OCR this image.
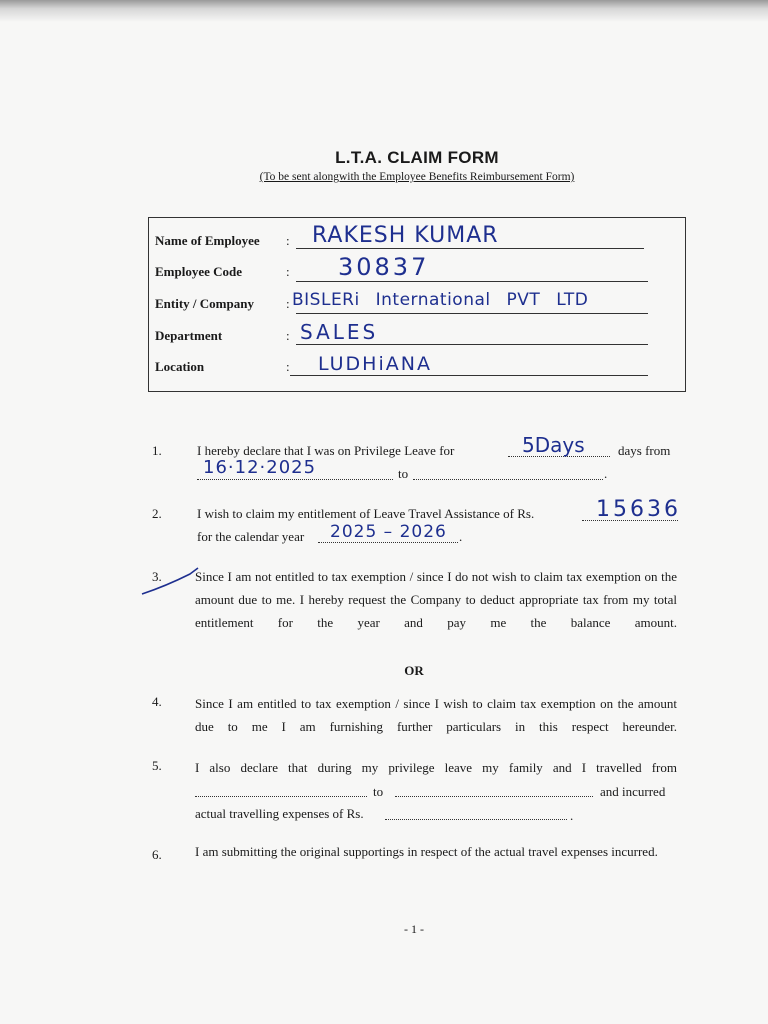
L.T.A. CLAIM FORM
(To be sent alongwith the Employee Benefits Reimbursement Form)
Name of Employee : RAKESH KUMAR
Employee Code	: 30837
Entity / Company : BISLERi International PVT LTD
Department	: SALES
Location	: LUDHiANA
1.	I hereby declare that I was on Privilege Leave for	5Days	days from
16·12·2025	to	.
2.	I wish to claim my entitlement of Leave Travel Assistance of Rs.	15636
for the calendar year 2025 – 2026 .
3.	Since I am not entitled to tax exemption / since I do not wish to claim tax exemption on the amount due to me. I hereby request the Company to deduct appropriate tax from my total entitlement for the year and pay me the balance amount.
OR
4.	Since I am entitled to tax exemption / since I wish to claim tax exemption on the amount due to me I am furnishing further particulars in this respect hereunder.
5.	I also declare that during my privilege leave my family and I travelled from
to	and incurred
actual travelling expenses of Rs.	.
6.	I am submitting the original supportings in respect of the actual travel expenses incurred.
- 1 -
